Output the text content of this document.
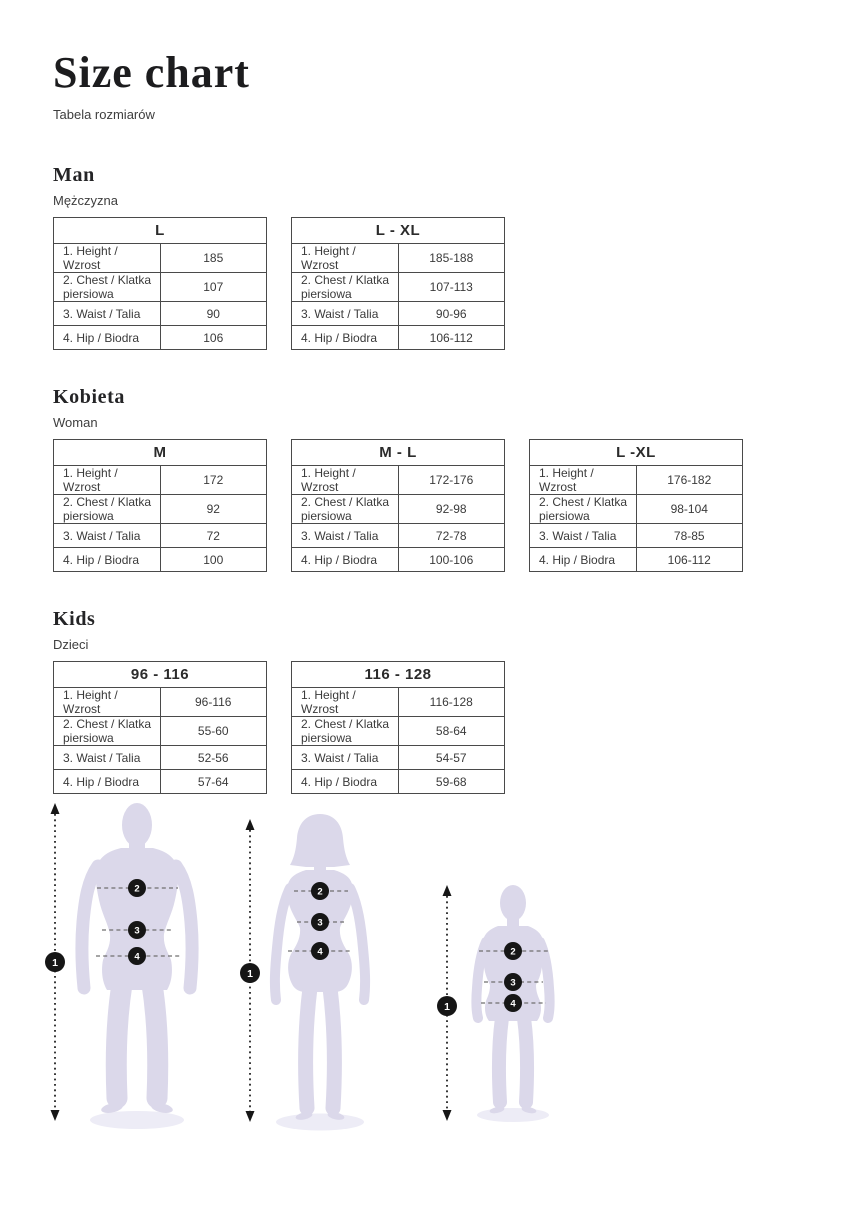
Size chart
Tabela rozmiarów
Man
Mężczyzna
L	
1. Height / Wzrost	185
2. Chest / Klatka piersiowa	107
3. Waist / Talia	90
4. Hip / Biodra	106
L - XL	
1. Height / Wzrost	185-188
2. Chest / Klatka piersiowa	107-113
3. Waist / Talia	90-96
4. Hip / Biodra	106-112
Kobieta
Woman
M	
1. Height / Wzrost	172
2. Chest / Klatka piersiowa	92
3. Waist / Talia	72
4. Hip / Biodra	100
M - L	
1. Height / Wzrost	172-176
2. Chest / Klatka piersiowa	92-98
3. Waist / Talia	72-78
4. Hip / Biodra	100-106
L -XL	
1. Height / Wzrost	176-182
2. Chest / Klatka piersiowa	98-104
3. Waist / Talia	78-85
4. Hip / Biodra	106-112
Kids
Dzieci
96 - 116	
1. Height / Wzrost	96-116
2. Chest / Klatka piersiowa	55-60
3. Waist / Talia	52-56
4. Hip / Biodra	57-64
116 - 128	
1. Height / Wzrost	116-128
2. Chest / Klatka piersiowa	58-64
3. Waist / Talia	54-57
4. Hip / Biodra	59-68
1
2
3
4
1
2
3
4
1
2
3
4
